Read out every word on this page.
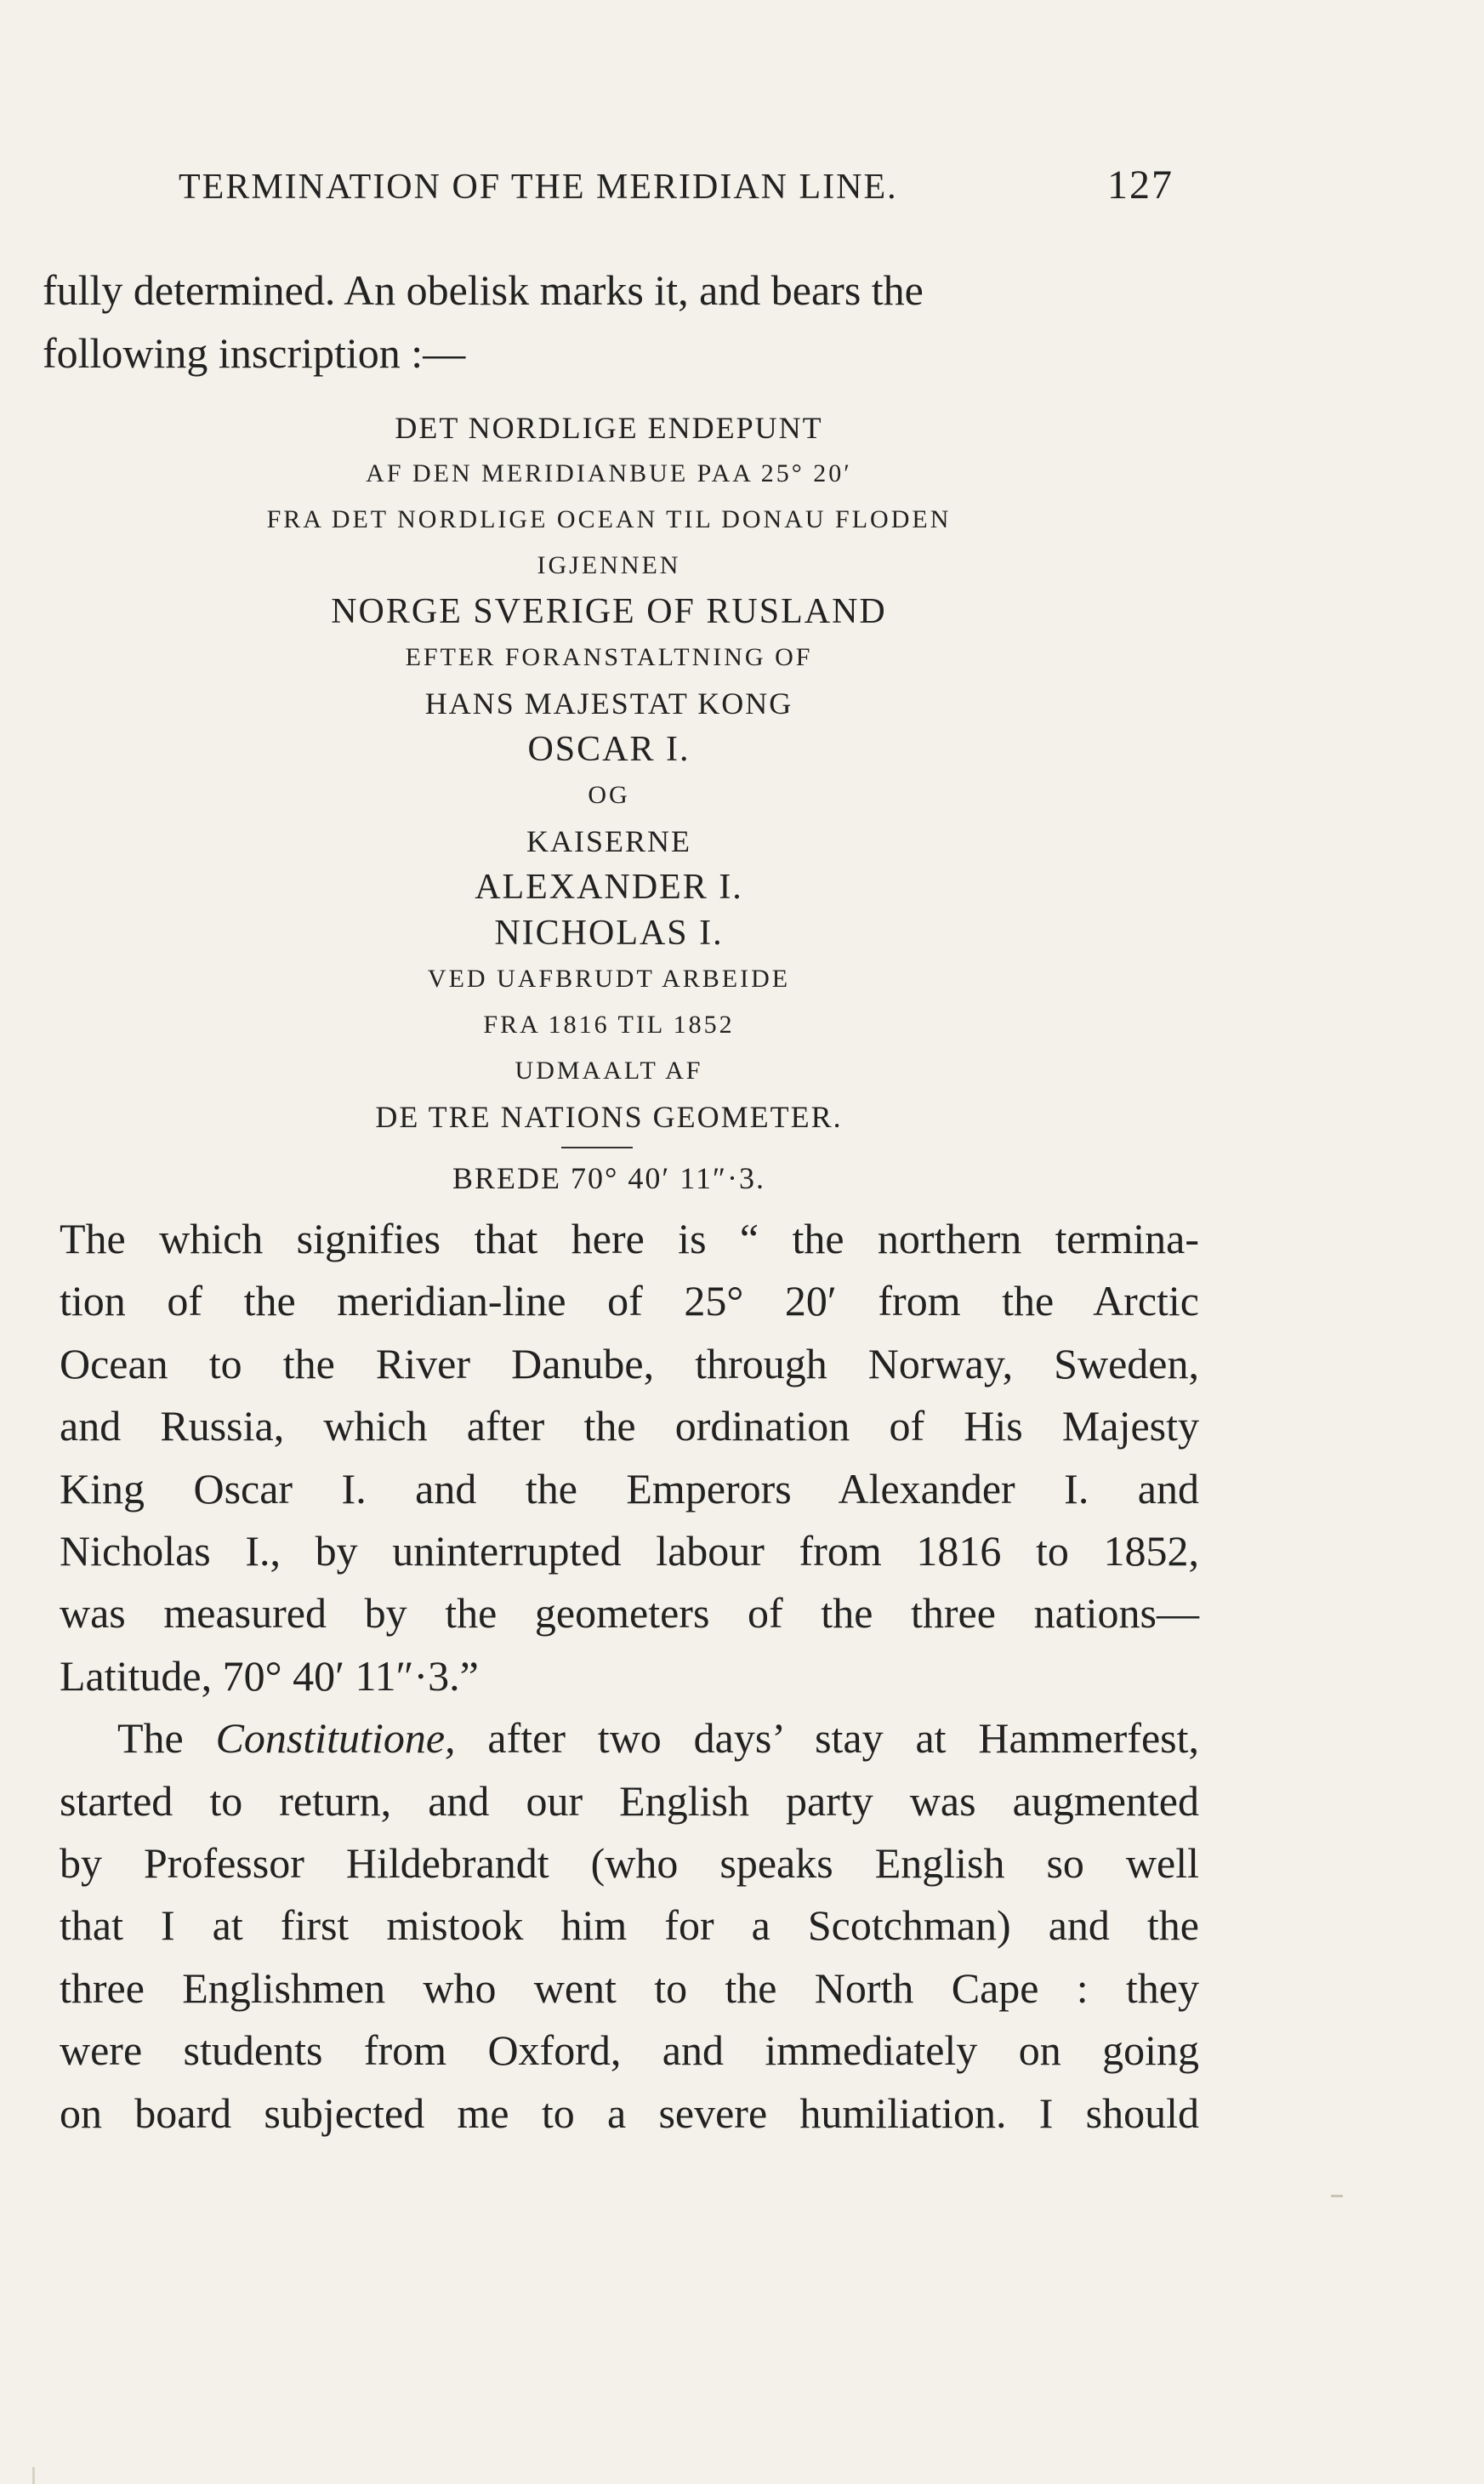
TERMINATION OF THE MERIDIAN LINE.	127
fully determined. An obelisk marks it, and bears the
following inscription :—
DET NORDLIGE ENDEPUNT
AF DEN MERIDIANBUE PAA 25° 20′
FRA DET NORDLIGE OCEAN TIL DONAU FLODEN
IGJENNEN
NORGE SVERIGE OF RUSLAND
EFTER FORANSTALTNING OF
HANS MAJESTAT KONG
OSCAR I.
OG
KAISERNE
ALEXANDER I.
NICHOLAS I.
VED UAFBRUDT ARBEIDE
FRA 1816 TIL 1852
UDMAALT AF
DE TRE NATIONS GEOMETER.
BREDE 70° 40′ 11″·3.
The which signifies that here is “ the northern termina-
tion of the meridian-line of 25° 20′ from the Arctic
Ocean to the River Danube, through Norway, Sweden,
and Russia, which after the ordination of His Majesty
King Oscar I. and the Emperors Alexander I. and
Nicholas I., by uninterrupted labour from 1816 to 1852,
was measured by the geometers of the three nations—
Latitude, 70° 40′ 11″·3.”
The Constitutione, after two days’ stay at Hammerfest,
started to return, and our English party was augmented
by Professor Hildebrandt (who speaks English so well
that I at first mistook him for a Scotchman) and the
three Englishmen who went to the North Cape : they
were students from Oxford, and immediately on going
on board subjected me to a severe humiliation. I should
